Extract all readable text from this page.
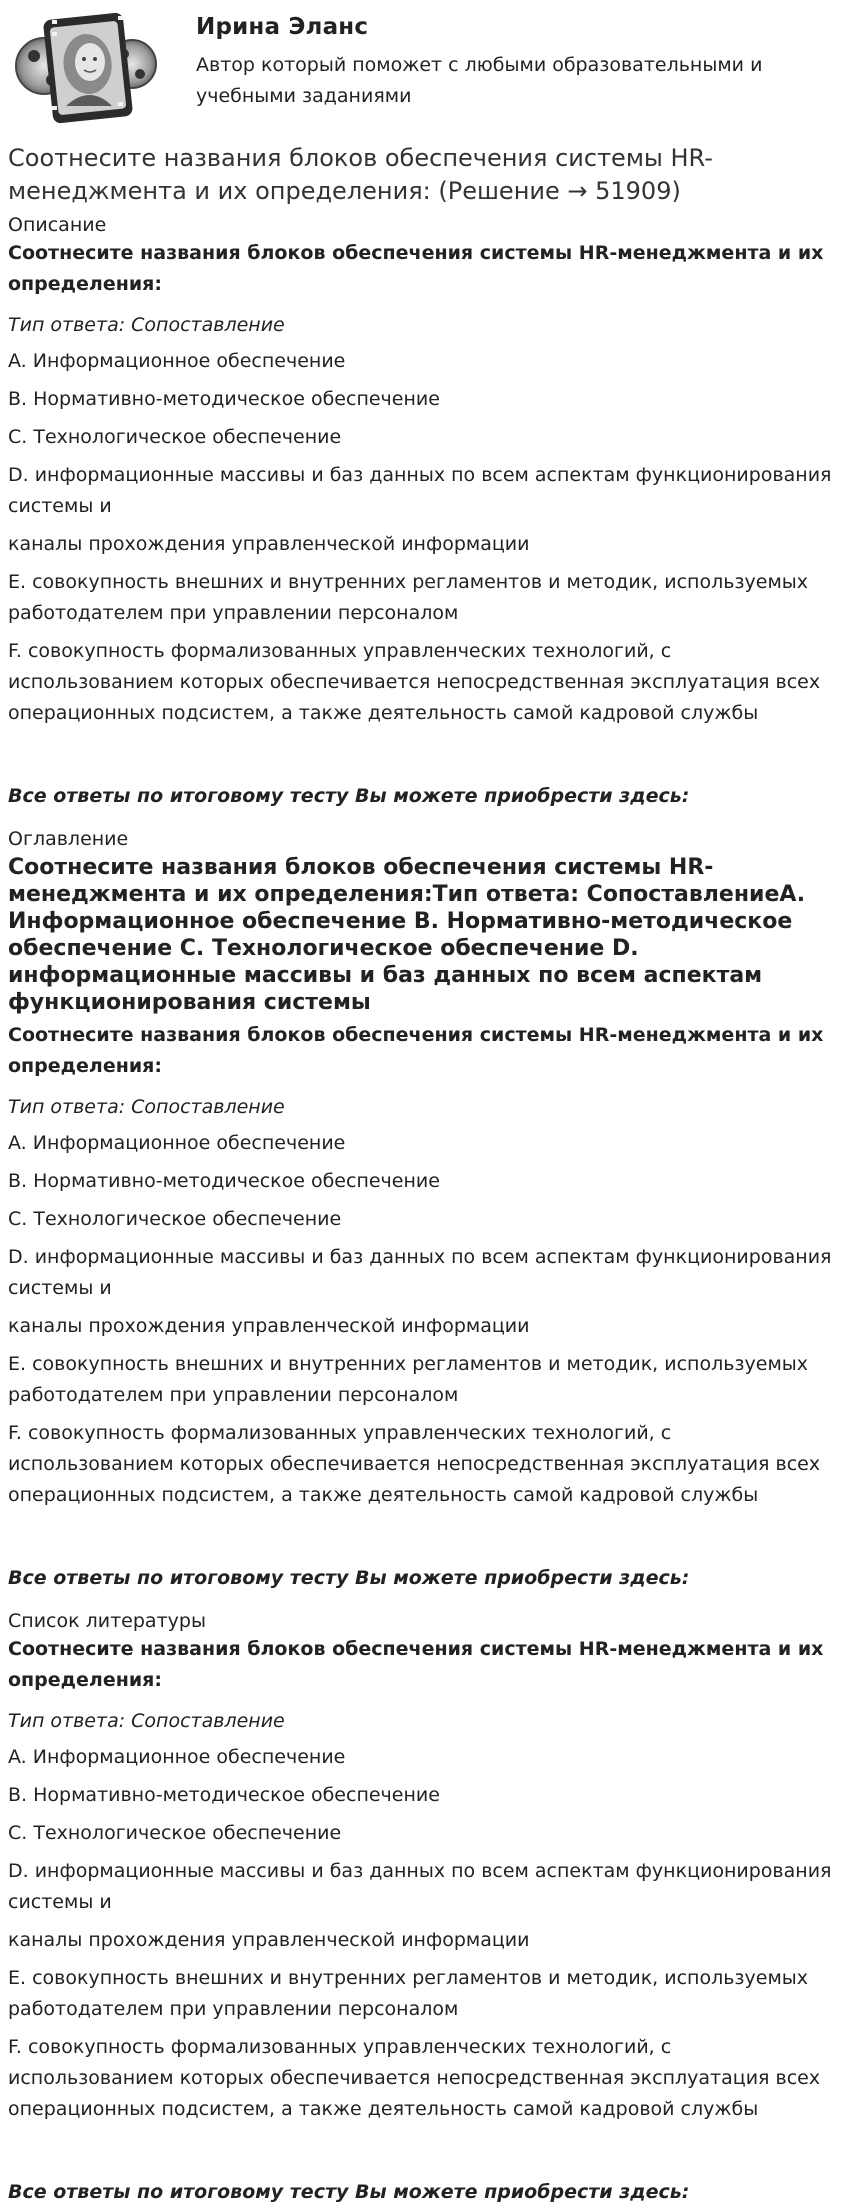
Ирина Эланс
Автор который поможет с любыми образовательными и учебными заданиями
Соотнесите названия блоков обеспечения системы HR-менеджмента и их определения: (Решение → 51909)
Описание
Соотнесите названия блоков обеспечения системы HR-менеджмента и их определения:
Тип ответа: Сопоставление
A. Информационное обеспечение
B. Нормативно-методическое обеспечение
C. Технологическое обеспечение
D. информационные массивы и баз данных по всем аспектам функционирования системы и
каналы прохождения управленческой информации
E. совокупность внешних и внутренних регламентов и методик, используемых работодателем при управлении персоналом
F. совокупность формализованных управленческих технологий, с использованием которых обеспечивается непосредственная эксплуатация всех операционных подсистем, а также деятельность самой кадровой службы
Все ответы по итоговому тесту Вы можете приобрести здесь:
Оглавление
Соотнесите названия блоков обеспечения системы HR-менеджмента и их определения:Тип ответа: СопоставлениеA. Информационное обеспечение B. Нормативно-методическое обеспечение C. Технологическое обеспечение D. информационные массивы и баз данных по всем аспектам функционирования системы
Соотнесите названия блоков обеспечения системы HR-менеджмента и их определения:
Тип ответа: Сопоставление
A. Информационное обеспечение
B. Нормативно-методическое обеспечение
C. Технологическое обеспечение
D. информационные массивы и баз данных по всем аспектам функционирования системы и
каналы прохождения управленческой информации
E. совокупность внешних и внутренних регламентов и методик, используемых работодателем при управлении персоналом
F. совокупность формализованных управленческих технологий, с использованием которых обеспечивается непосредственная эксплуатация всех операционных подсистем, а также деятельность самой кадровой службы
Все ответы по итоговому тесту Вы можете приобрести здесь:
Список литературы
Соотнесите названия блоков обеспечения системы HR-менеджмента и их определения:
Тип ответа: Сопоставление
A. Информационное обеспечение
B. Нормативно-методическое обеспечение
C. Технологическое обеспечение
D. информационные массивы и баз данных по всем аспектам функционирования системы и
каналы прохождения управленческой информации
E. совокупность внешних и внутренних регламентов и методик, используемых работодателем при управлении персоналом
F. совокупность формализованных управленческих технологий, с использованием которых обеспечивается непосредственная эксплуатация всех операционных подсистем, а также деятельность самой кадровой службы
Все ответы по итоговому тесту Вы можете приобрести здесь:
